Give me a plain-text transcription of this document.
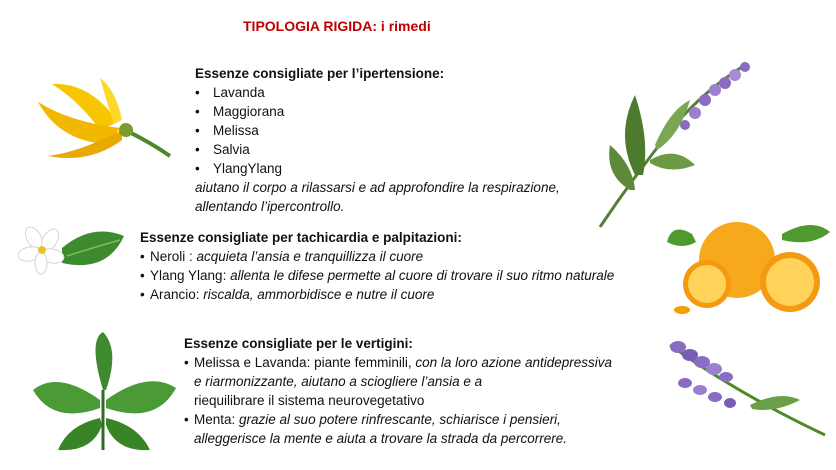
TIPOLOGIA RIGIDA: i rimedi
Essenze consigliate per l’ipertensione:
• Lavanda
• Maggiorana
• Melissa
• Salvia
• YlangYlang
aiutano il corpo a rilassarsi e ad approfondire la respirazione,
allentando l’ipercontrollo.
Essenze consigliate per tachicardia e palpitazioni:
• Neroli : acquieta l’ansia e tranquillizza il cuore
• Ylang Ylang: allenta le difese permette al cuore di trovare il suo ritmo naturale
• Arancio: riscalda, ammorbidisce e nutre il cuore
Essenze consigliate per le vertigini:
• Melissa e Lavanda: piante femminili, con la loro azione antidepressiva
e riarmonizzante, aiutano a sciogliere l’ansia e a
riequilibrare il sistema neurovegetativo
• Menta: grazie al suo potere rinfrescante, schiarisce i pensieri,
alleggerisce la mente e aiuta a trovare la strada da percorrere.
